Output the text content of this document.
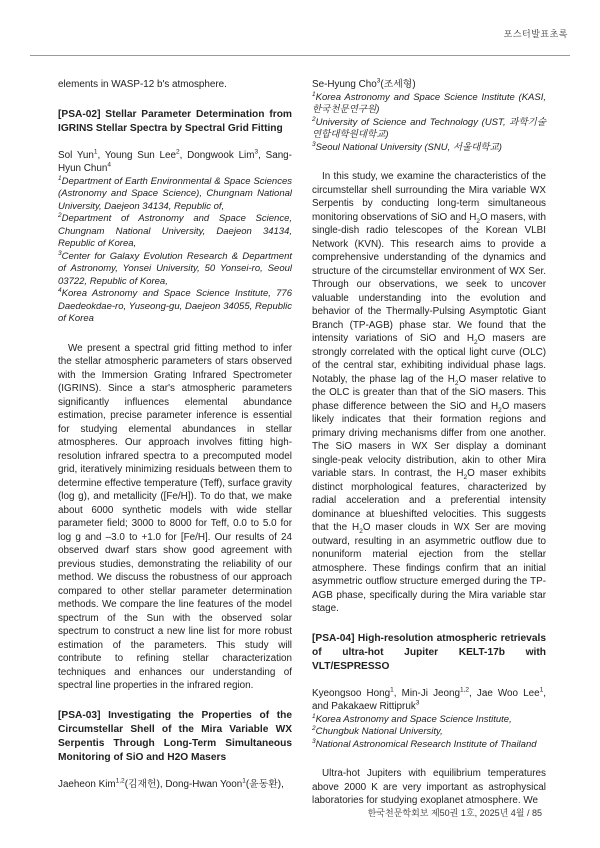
포스터발표초록

elements in WASP-12 b's atmosphere.

[PSA-02] Stellar Parameter Determination from IGRINS Stellar Spectra by Spectral Grid Fitting

Sol Yun$^1$, Young Sun Lee$^2$, Dongwook Lim$^3$, Sang-Hyun Chun$^4$

$^1$Department of Earth Environmental & Space Sciences (Astronomy and Space Science), Chungnam National University, Daejeon 34134, Republic of,

$^2$Department of Astronomy and Space Science, Chungnam National University, Daejeon 34134, Republic of Korea,

$^3$Center for Galaxy Evolution Research & Department of Astronomy, Yonsei University, 50 Yonsei-ro, Seoul 03722, Republic of Korea,

$^4$Korea Astronomy and Space Science Institute, 776 Daedeokdae-ro, Yuseong-gu, Daejeon 34055, Republic of Korea

We present a spectral grid fitting method to infer the stellar atmospheric parameters of stars observed with the Immersion Grating Infrared Spectrometer (IGRINS). Since a star's atmospheric parameters significantly influences elemental abundance estimation, precise parameter inference is essential for studying elemental abundances in stellar atmospheres. Our approach involves fitting high-resolution infrared spectra to a precomputed model grid, iteratively minimizing residuals between them to determine effective temperature (Teff), surface gravity (log g), and metallicity ([Fe/H]). To do that, we make about 6000 synthetic models with wide stellar parameter field; 3000 to 8000 for Teff, 0.0 to 5.0 for log g and –3.0 to +1.0 for [Fe/H]. Our results of 24 observed dwarf stars show good agreement with previous studies, demonstrating the reliability of our method. We discuss the robustness of our approach compared to other stellar parameter determination methods. We compare the line features of the model spectrum of the Sun with the observed solar spectrum to construct a new line list for more robust estimation of the parameters. This study will contribute to refining stellar characterization techniques and enhances our understanding of spectral line properties in the infrared region.

[PSA-03] Investigating the Properties of the Circumstellar Shell of the Mira Variable WX Serpentis Through Long-Term Simultaneous Monitoring of SiO and H2O Masers

Jaeheon Kim$^{1,2}$(김재헌), Dong-Hwan Yoon$^1$(윤동환),

Se-Hyung Cho$^3$(조세형)

$^1$Korea Astronomy and Space Science Institute (KASI, 한국천문연구원)

$^2$University of Science and Technology (UST, 과학기술연합대학원대학교)

$^3$Seoul National University (SNU, 서울대학교)

In this study, we examine the characteristics of the circumstellar shell surrounding the Mira variable WX Serpentis by conducting long-term simultaneous monitoring observations of SiO and $H_2O$ masers, with single-dish radio telescopes of the Korean VLBI Network (KVN). This research aims to provide a comprehensive understanding of the dynamics and structure of the circumstellar environment of WX Ser. Through our observations, we seek to uncover valuable understanding into the evolution and behavior of the Thermally-Pulsing Asymptotic Giant Branch (TP-AGB) phase star. We found that the intensity variations of SiO and $H_2O$ masers are strongly correlated with the optical light curve (OLC) of the central star, exhibiting individual phase lags. Notably, the phase lag of the $H_2O$ maser relative to the OLC is greater than that of the SiO masers. This phase difference between the SiO and $H_2O$ masers likely indicates that their formation regions and primary driving mechanisms differ from one another. The SiO masers in WX Ser display a dominant single-peak velocity distribution, akin to other Mira variable stars. In contrast, the $H_2O$ maser exhibits distinct morphological features, characterized by radial acceleration and a preferential intensity dominance at blueshifted velocities. This suggests that the $H_2O$ maser clouds in WX Ser are moving outward, resulting in an asymmetric outflow due to nonuniform material ejection from the stellar atmosphere. These findings confirm that an initial asymmetric outflow structure emerged during the TP-AGB phase, specifically during the Mira variable star stage.

[PSA-04] High-resolution atmospheric retrievals of ultra-hot Jupiter KELT-17b with VLT/ESPRESSO

Kyeongsoo Hong$^1$, Min-Ji Jeong$^{1,2}$, Jae Woo Lee$^1$, and Pakakaew Rittipruk$^3$

$^1$Korea Astronomy and Space Science Institute,

$^2$Chungbuk National University,

$^3$National Astronomical Research Institute of Thailand

Ultra-hot Jupiters with equilibrium temperatures above 2000 K are very important as astrophysical laboratories for studying exoplanet atmosphere. We

한국천문학회보 제50권 1호, 2025년 4월 / 85
